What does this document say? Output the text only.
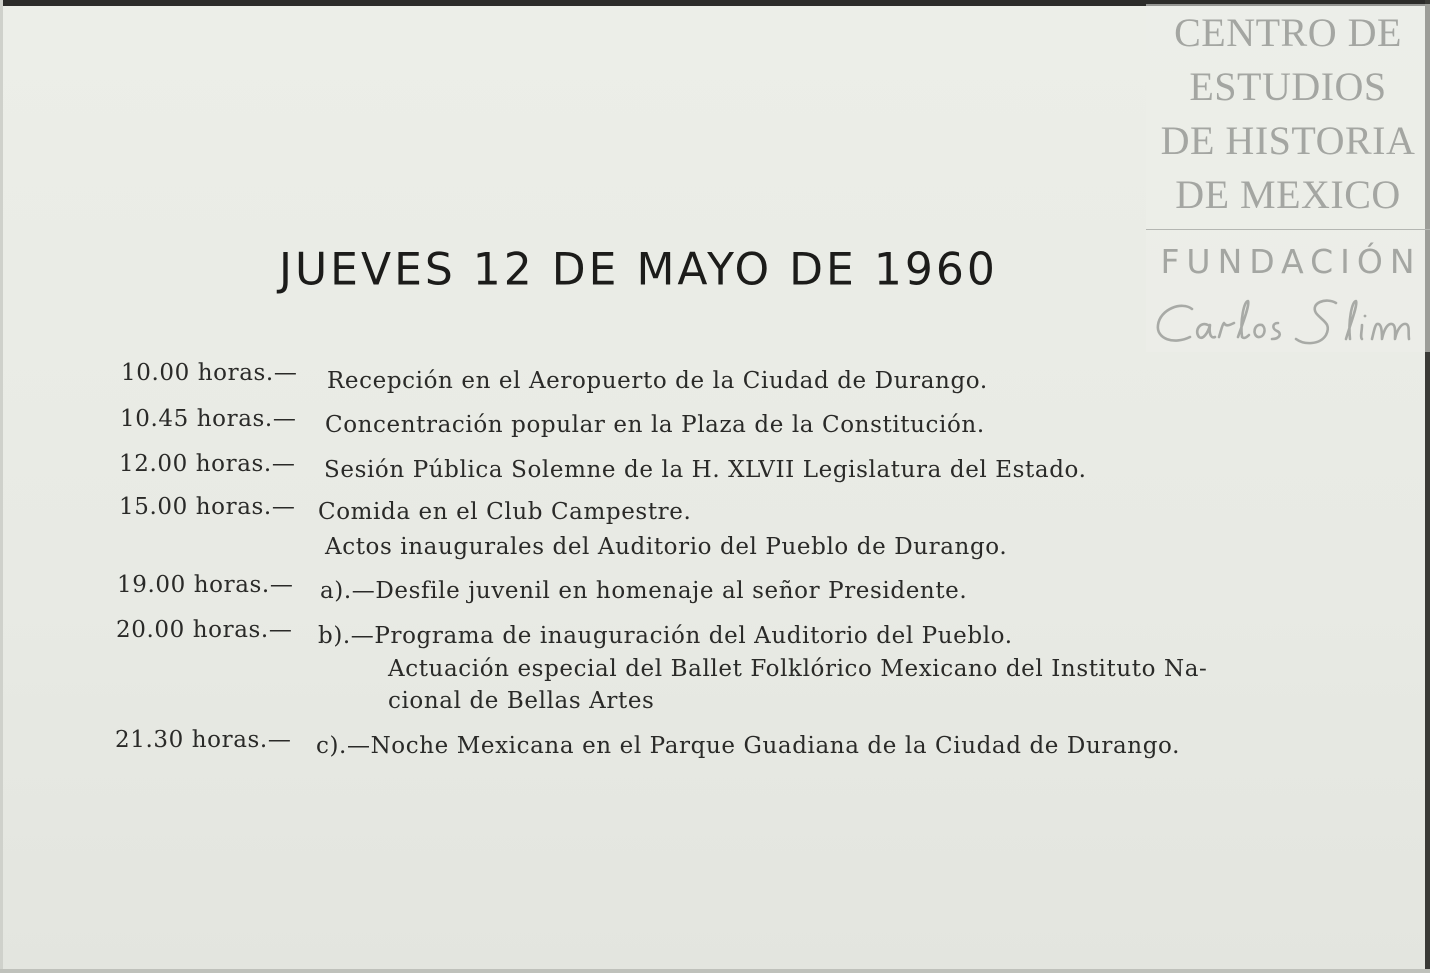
CENTRO DE
ESTUDIOS
DE HISTORIA
DE MEXICO
FUNDACIÓN
JUEVES 12 DE MAYO DE 1960
10.00 horas.— Recepción en el Aeropuerto de la Ciudad de Durango.
10.45 horas.— Concentración popular en la Plaza de la Constitución.
12.00 horas.— Sesión Pública Solemne de la H. XLVII Legislatura del Estado.
15.00 horas.— Comida en el Club Campestre.
Actos inaugurales del Auditorio del Pueblo de Durango.
19.00 horas.— a).—Desfile juvenil en homenaje al señor Presidente.
20.00 horas.— b).—Programa de inauguración del Auditorio del Pueblo.
Actuación especial del Ballet Folklórico Mexicano del Instituto Na-
cional de Bellas Artes
21.30 horas.— c).—Noche Mexicana en el Parque Guadiana de la Ciudad de Durango.
